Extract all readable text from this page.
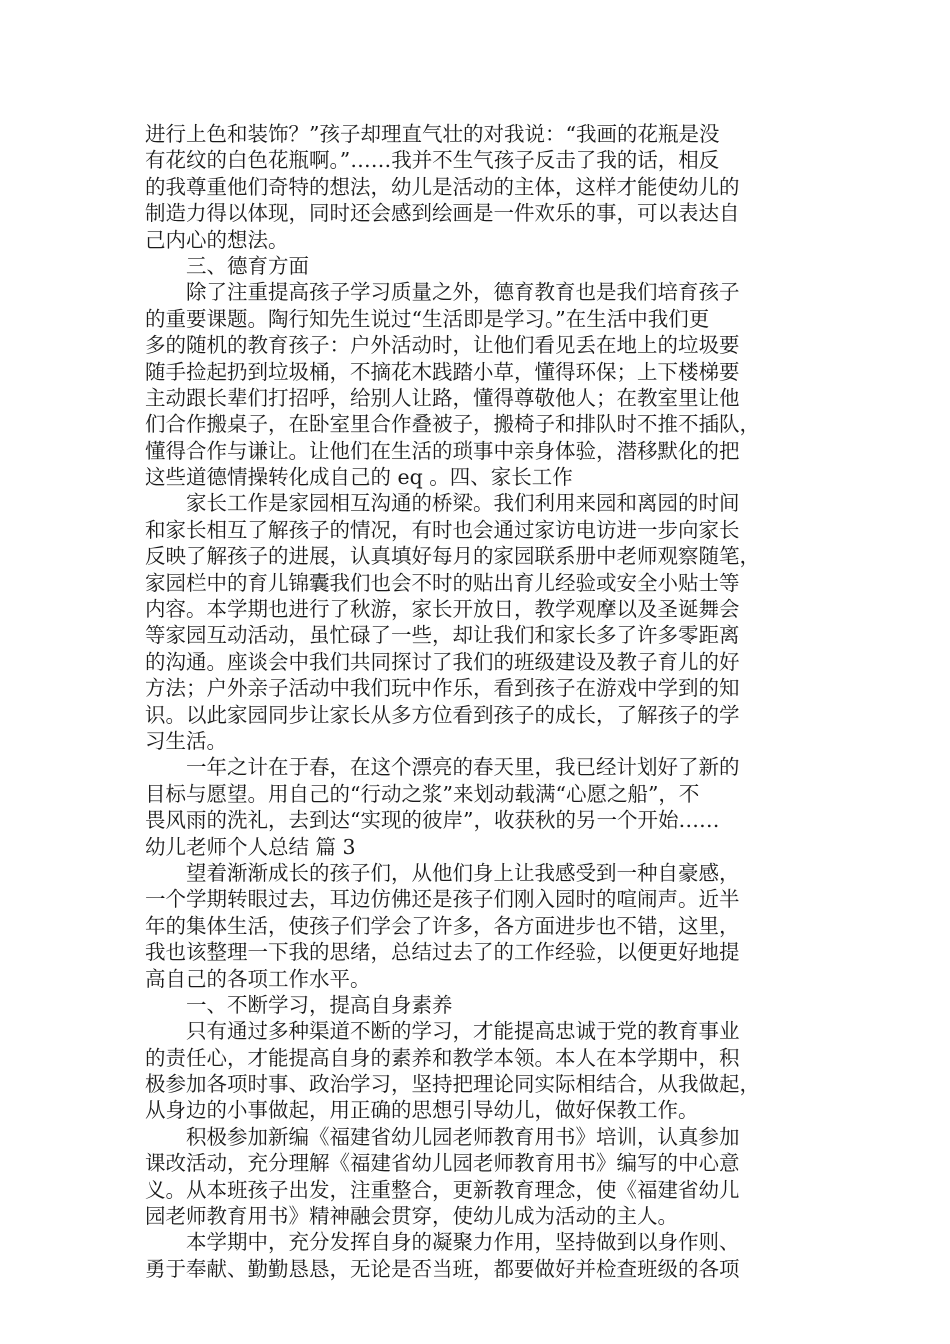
进行上色和装饰？”孩子却理直气壮的对我说：“我画的花瓶是没
有花纹的白色花瓶啊。”……我并不生气孩子反击了我的话，相反
的我尊重他们奇特的想法，幼儿是活动的主体，这样才能使幼儿的
制造力得以体现，同时还会感到绘画是一件欢乐的事，可以表达自
己内心的想法。
三、德育方面
除了注重提高孩子学习质量之外，德育教育也是我们培育孩子
的重要课题。陶行知先生说过“生活即是学习。”在生活中我们更
多的随机的教育孩子：户外活动时，让他们看见丢在地上的垃圾要
随手捡起扔到垃圾桶，不摘花木践踏小草，懂得环保；上下楼梯要
主动跟长辈们打招呼，给别人让路，懂得尊敬他人；在教室里让他
们合作搬桌子，在卧室里合作叠被子，搬椅子和排队时不推不插队，
懂得合作与谦让。让他们在生活的琐事中亲身体验，潜移默化的把
这些道德情操转化成自己的 eq 。四、家长工作
家长工作是家园相互沟通的桥梁。我们利用来园和离园的时间
和家长相互了解孩子的情况，有时也会通过家访电访进一步向家长
反映了解孩子的进展，认真填好每月的家园联系册中老师观察随笔，
家园栏中的育儿锦囊我们也会不时的贴出育儿经验或安全小贴士等
内容。本学期也进行了秋游，家长开放日，教学观摩以及圣诞舞会
等家园互动活动，虽忙碌了一些，却让我们和家长多了许多零距离
的沟通。座谈会中我们共同探讨了我们的班级建设及教子育儿的好
方法；户外亲子活动中我们玩中作乐，看到孩子在游戏中学到的知
识。以此家园同步让家长从多方位看到孩子的成长，了解孩子的学
习生活。
一年之计在于春，在这个漂亮的春天里，我已经计划好了新的
目标与愿望。用自己的“行动之浆”来划动载满“心愿之船”，不
畏风雨的洗礼，去到达“实现的彼岸”，收获秋的另一个开始……
幼儿老师个人总结 篇 3
望着渐渐成长的孩子们，从他们身上让我感受到一种自豪感，
一个学期转眼过去，耳边仿佛还是孩子们刚入园时的喧闹声。近半
年的集体生活，使孩子们学会了许多，各方面进步也不错，这里，
我也该整理一下我的思绪，总结过去了的工作经验，以便更好地提
高自己的各项工作水平。
一、不断学习，提高自身素养
只有通过多种渠道不断的学习，才能提高忠诚于党的教育事业
的责任心，才能提高自身的素养和教学本领。本人在本学期中，积
极参加各项时事、政治学习，坚持把理论同实际相结合，从我做起，
从身边的小事做起，用正确的思想引导幼儿，做好保教工作。
积极参加新编《福建省幼儿园老师教育用书》培训，认真参加
课改活动，充分理解《福建省幼儿园老师教育用书》编写的中心意
义。从本班孩子出发，注重整合，更新教育理念，使《福建省幼儿
园老师教育用书》精神融会贯穿，使幼儿成为活动的主人。
本学期中，充分发挥自身的凝聚力作用，坚持做到以身作则、
勇于奉献、勤勤恳恳，无论是否当班，都要做好并检查班级的各项
